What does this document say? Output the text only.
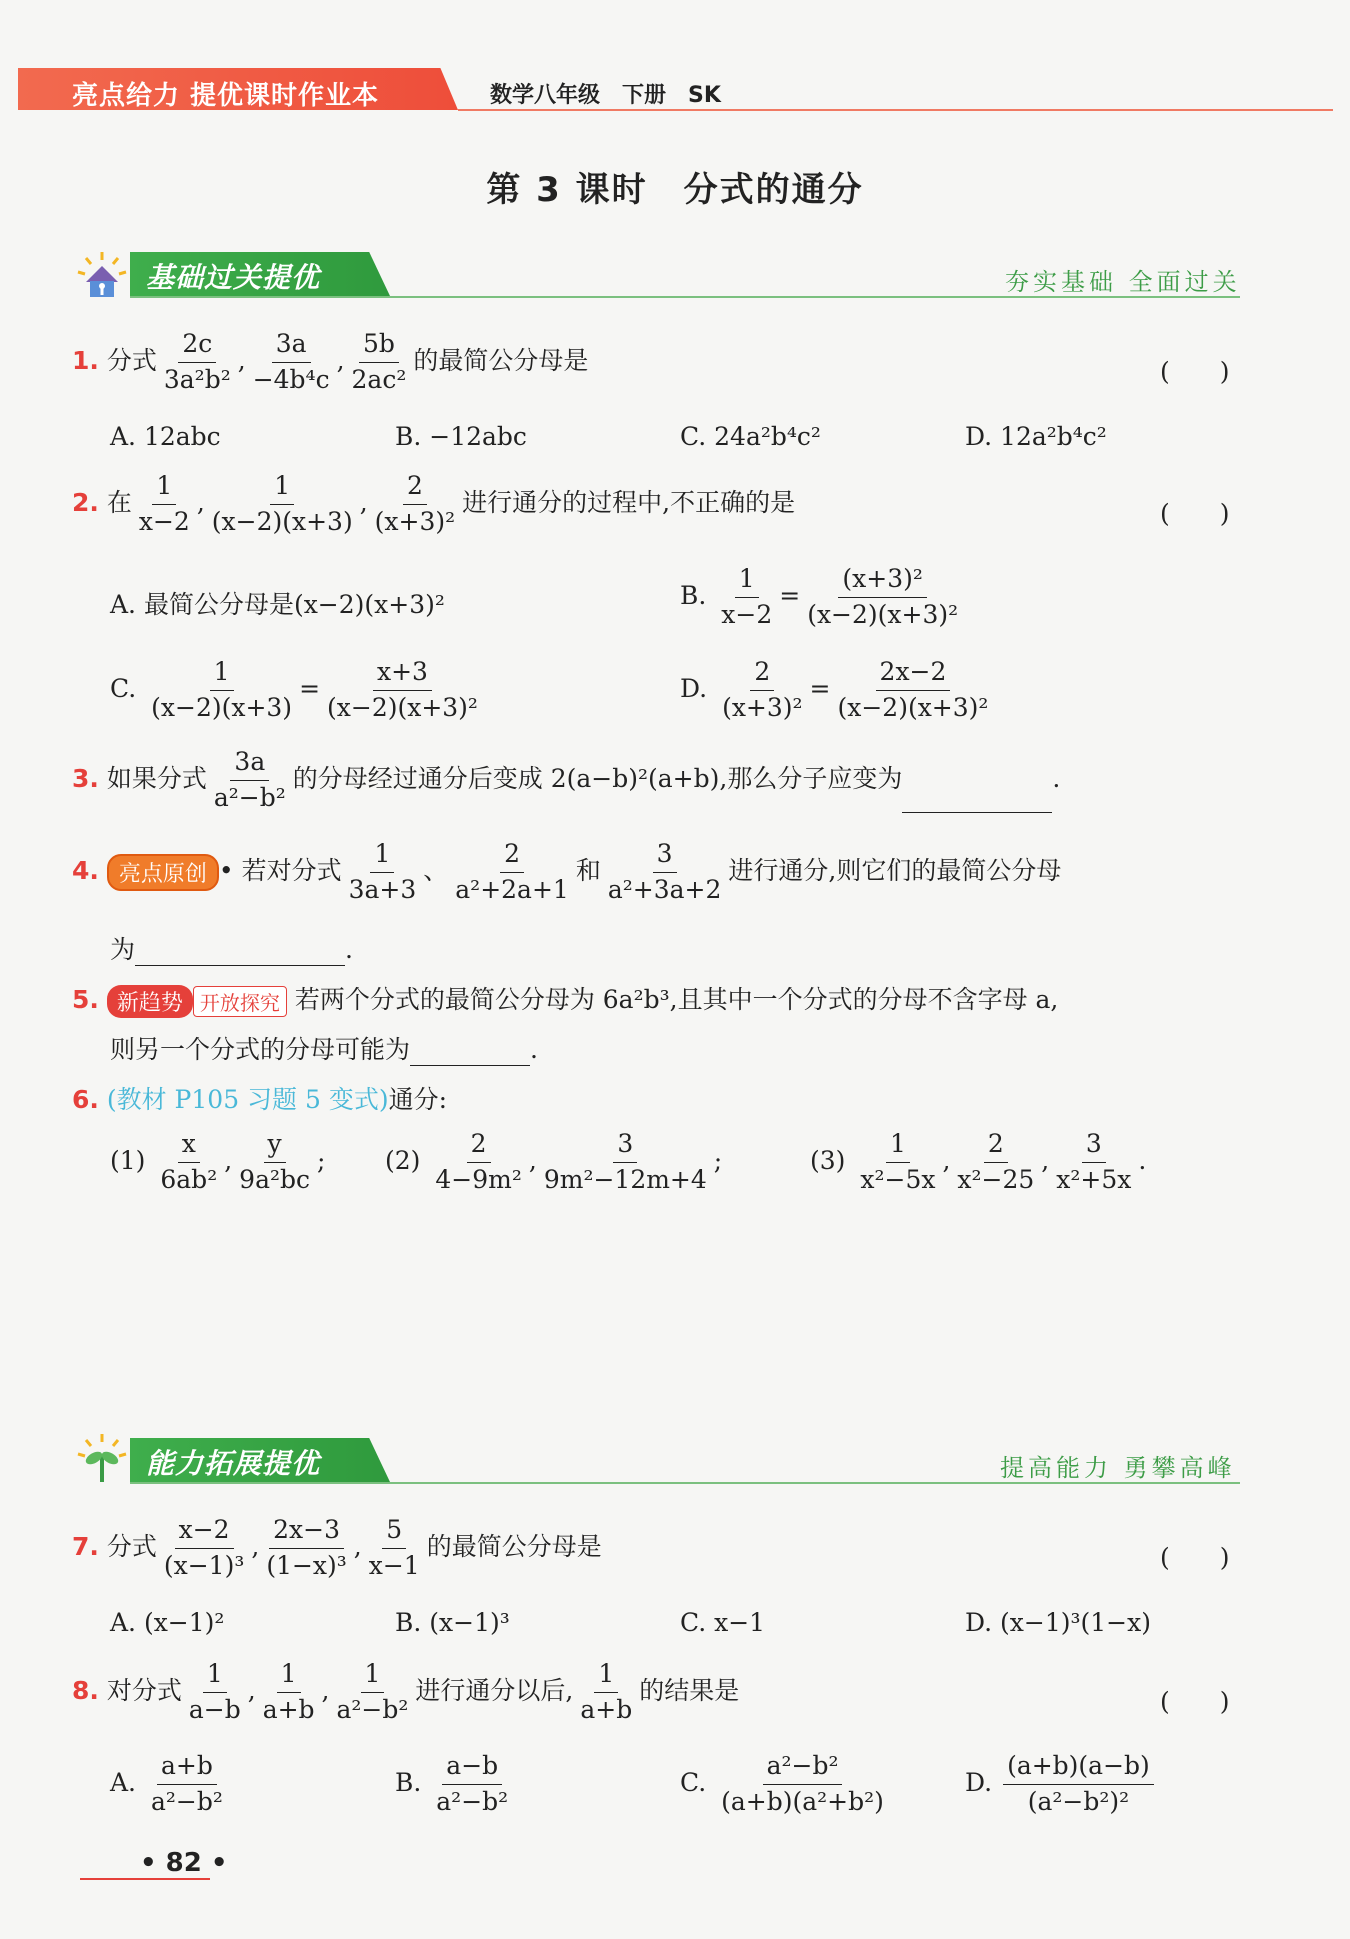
亮点给力 提优课时作业本	数学八年级　下册　SK
第 3 课时　分式的通分
基础过关提优	夯实基础 全面过关
1. 分式 $\frac{2c}{\text{3a²b²}}$ , $\frac{3a}{\text{−4b⁴c}}$ , $\frac{5b}{\text{2ac²}}$ 的最简公分母是	(　　)
A. 12abc	B. −12abc	C. 24a²b⁴c²	D. 12a²b⁴c²
2. 在 $\frac{1}{x-2}$ , $\frac{1}{(x-2)(x+3)}$ , $\frac{2}{\text{(x+3)²}}$ 进行通分的过程中,不正确的是	(　　)
A. 最简公分母是(x−2)(x+3)²	B. $\frac{1}{x-2} = \frac{\text{(x+3)²}}{\text{(x−2)(x+3)²}}$
C. $\frac{1}{(x-2)(x+3)} = \frac{x+3}{\text{(x−2)(x+3)²}}$	D. $\frac{2}{\text{(x+3)²}} = \frac{2x-2}{\text{(x−2)(x+3)²}}$
3. 如果分式 $\frac{3a}{\text{a²−b²}}$ 的分母经过通分后变成 2(a−b)²(a+b),那么分子应变为	.
4. 亮点原创 • 若对分式 $\frac{1}{3a+3}$ 、 $\frac{2}{\text{a²+2a+1}}$ 和 $\frac{3}{\text{a²+3a+2}}$ 进行通分,则它们的最简公分母
为	.
5. 新趋势 开放探究 若两个分式的最简公分母为 6a²b³,且其中一个分式的分母不含字母 a,
则另一个分式的分母可能为	.
6. (教材 P105 习题 5 变式)通分:
$(1) \frac{x}{\text{6ab²}}$ , $\frac{y}{\text{9a²bc}}$ ; $(2) \frac{2}{\text{4−9m²}}$ , $\frac{3}{\text{9m²−12m+4}}$ ;	$(3) \frac{1}{\text{x²−5x}}$ , $\frac{2}{\text{x²−25}}$ , $\frac{3}{\text{x²+5x}}$ .
能力拓展提优	提高能力 勇攀高峰
7. 分式 $\frac{x-2}{\text{(x−1)³}}$ , $\frac{2x-3}{\text{(1−x)³}}$ , $\frac{5}{x-1}$ 的最简公分母是	(　　)
A. (x−1)²	B. (x−1)³	C. x−1	D. (x−1)³(1−x)
8. 对分式 $\frac{1}{a-b}$ , $\frac{1}{a+b}$ , $\frac{1}{\text{a²−b²}}$ 进行通分以后, $\frac{1}{a+b}$ 的结果是	(　　)
A. $\frac{a+b}{\text{a²−b²}}$	B. $\frac{a-b}{\text{a²−b²}}$	C. $\frac{\text{a²−b²}}{\text{(a+b)(a²+b²)}}$	D. $\frac{(a+b)(a-b)}{\text{(a²−b²)²}}$
• 82 •
